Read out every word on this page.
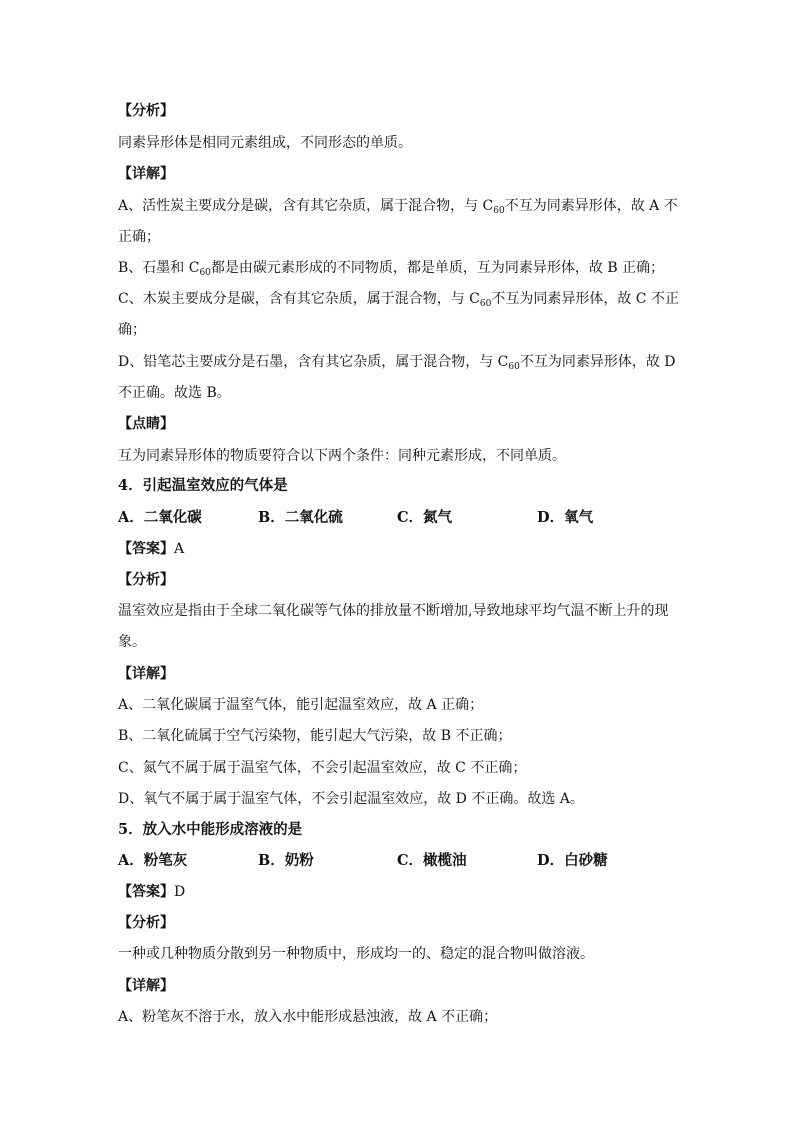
【分析】
同素异形体是相同元素组成，不同形态的单质。
【详解】
A、活性炭主要成分是碳，含有其它杂质，属于混合物，与 $C_{60}$不互为同素异形体，故 A 不
正确；
B、石墨和 $C_{60}$都是由碳元素形成的不同物质，都是单质，互为同素异形体，故 B 正确；
C、木炭主要成分是碳，含有其它杂质，属于混合物，与 $C_{60}$不互为同素异形体，故 C 不正
确；
D、铅笔芯主要成分是石墨，含有其它杂质，属于混合物，与 $C_{60}$不互为同素异形体，故 D
不正确。故选 B。
【点睛】
互为同素异形体的物质要符合以下两个条件：同种元素形成，不同单质。
4．引起温室效应的气体是
A．二氧化碳	B．二氧化硫	C．氮气	D．氧气
【答案】A
【分析】
温室效应是指由于全球二氧化碳等气体的排放量不断增加,导致地球平均气温不断上升的现
象。
【详解】
A、二氧化碳属于温室气体，能引起温室效应，故 A 正确；
B、二氧化硫属于空气污染物，能引起大气污染，故 B 不正确；
C、氮气不属于属于温室气体，不会引起温室效应，故 C 不正确；
D、氧气不属于属于温室气体，不会引起温室效应，故 D 不正确。故选 A。
5．放入水中能形成溶液的是
A．粉笔灰	B．奶粉	C．橄榄油	D．白砂糖
【答案】D
【分析】
一种或几种物质分散到另一种物质中，形成均一的、稳定的混合物叫做溶液。
【详解】
A、粉笔灰不溶于水，放入水中能形成悬浊液，故 A 不正确；
